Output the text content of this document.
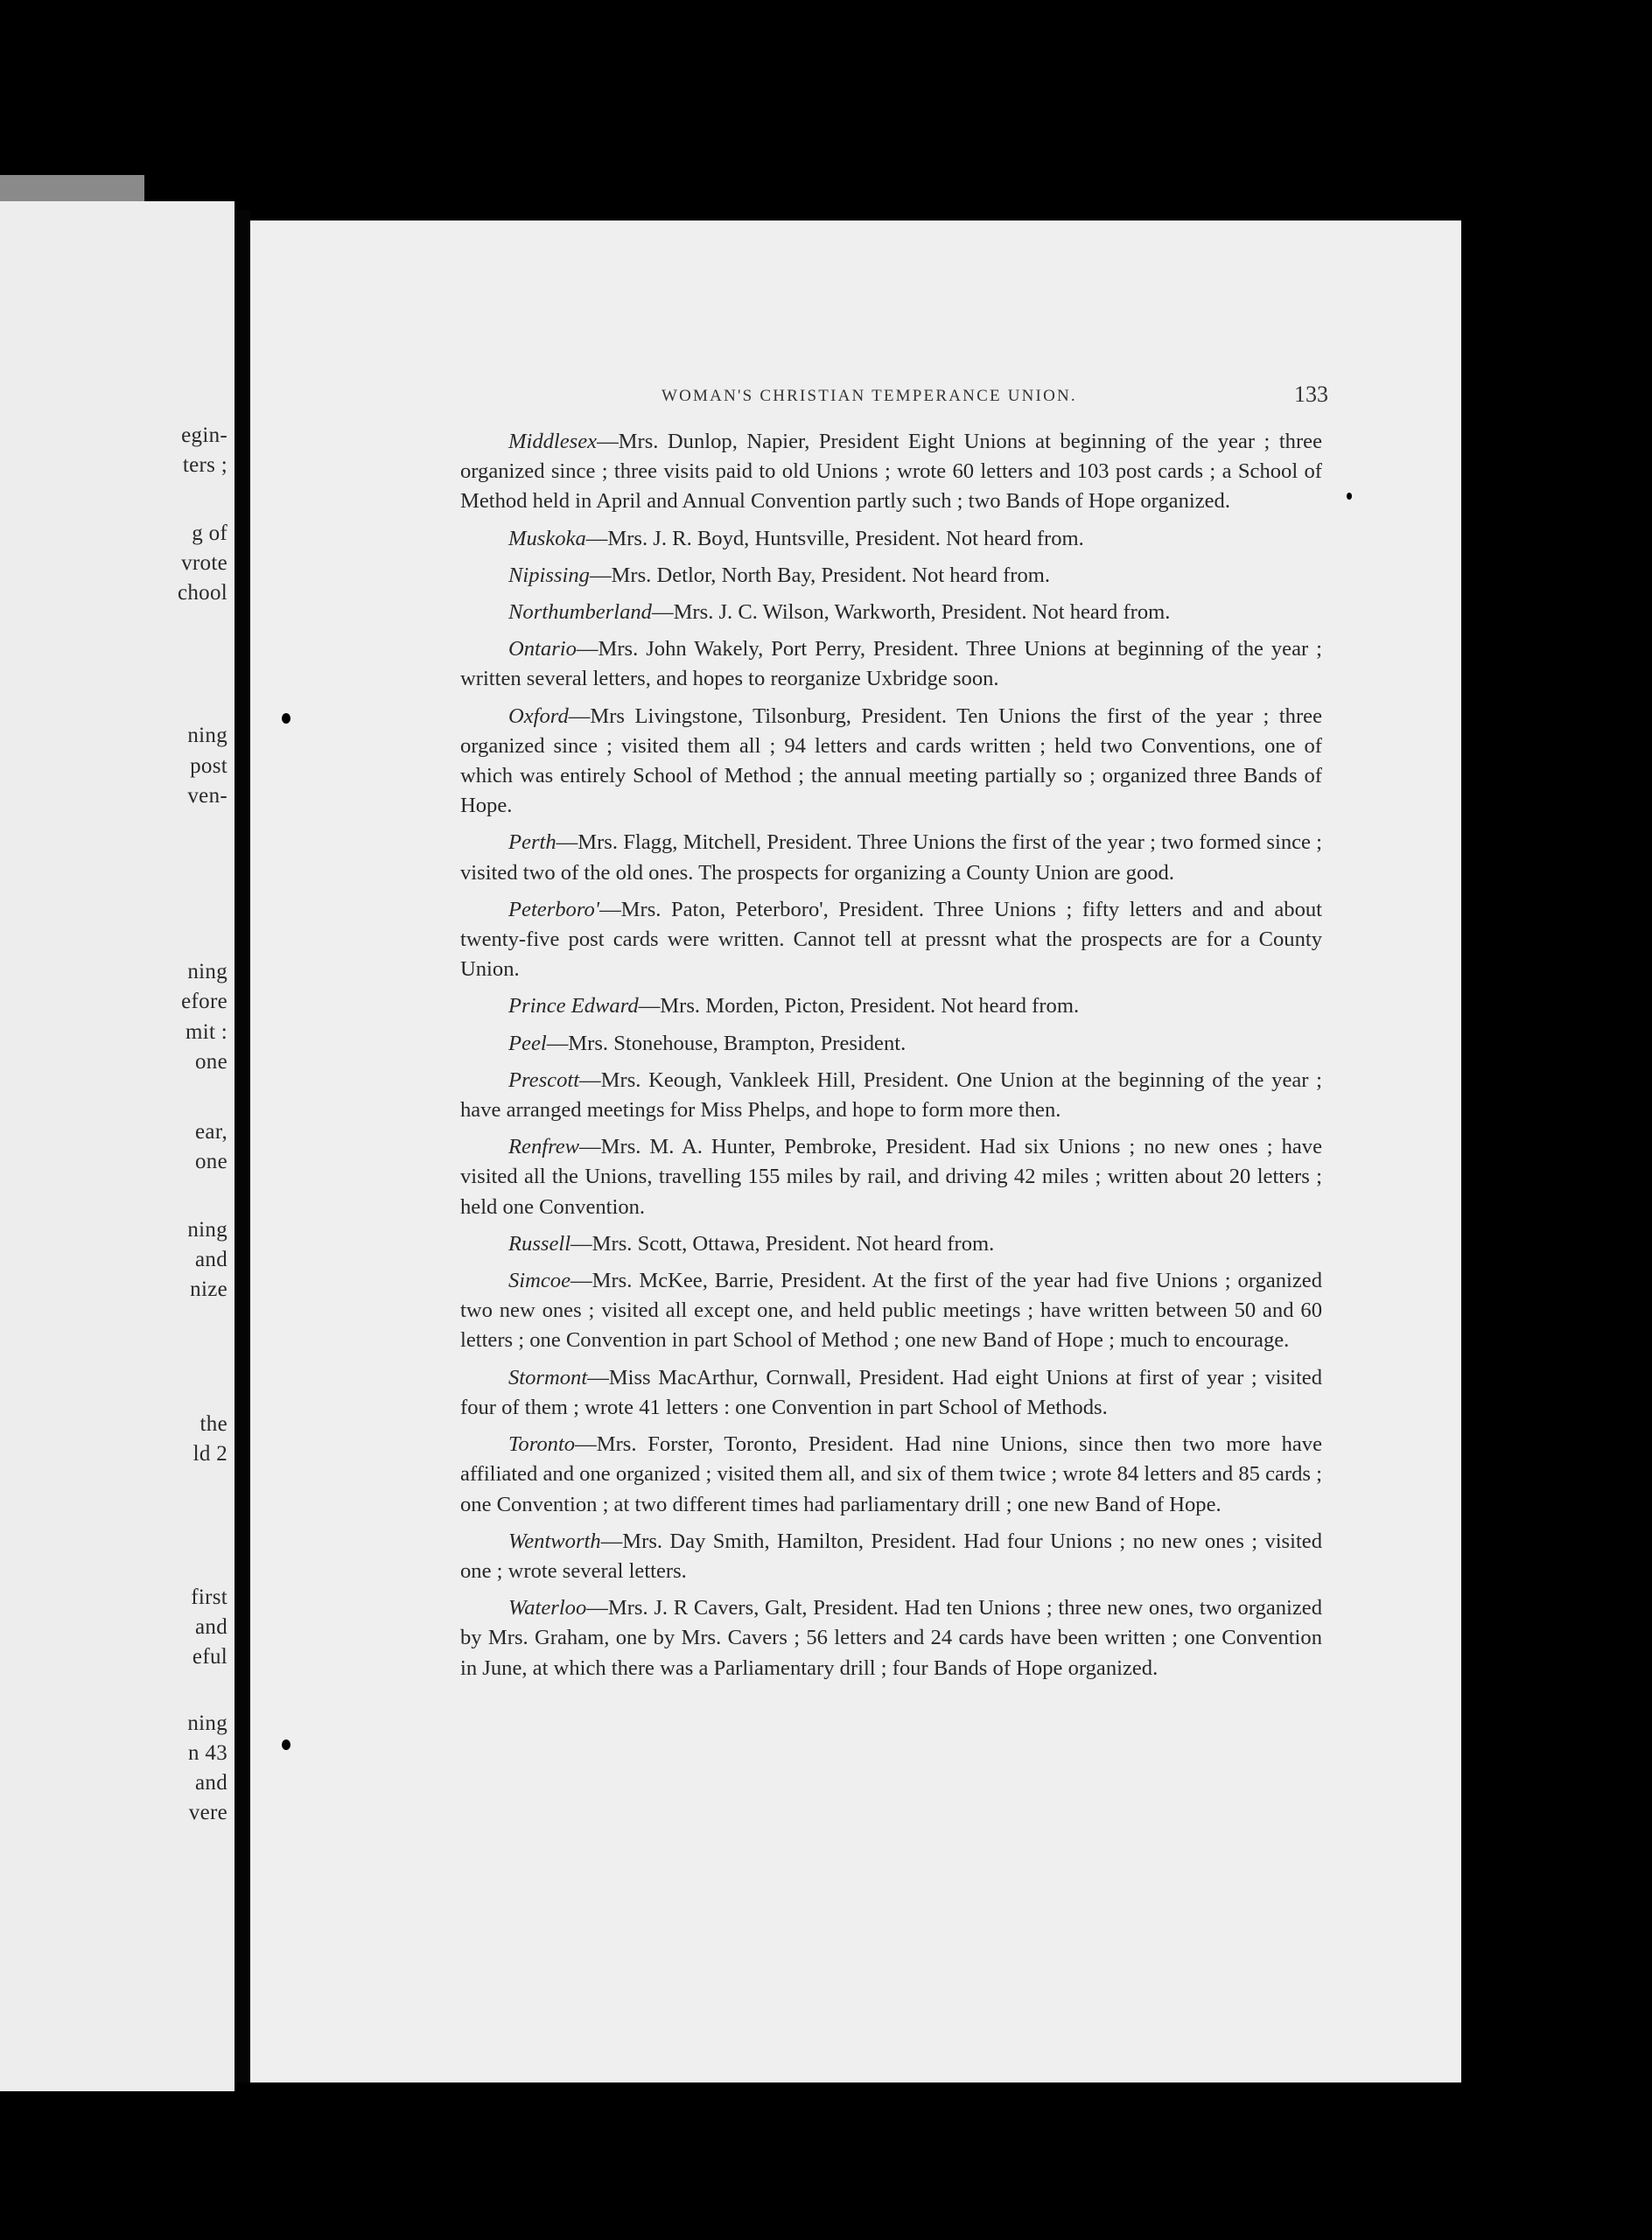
egin-
ters ;
g of
vrote
chool
ning
post
ven-
ning
efore
mit :
one
ear,
one
ning
and
nize
the
ld 2
first
and
eful
ning
n 43
and
vere
WOMAN'S CHRISTIAN TEMPERANCE UNION.	133

Middlesex—Mrs. Dunlop, Napier, President Eight Unions at beginning of the year ; three organized since ; three visits paid to old Unions ; wrote 60 letters and 103 post cards ; a School of Method held in April and Annual Convention partly such ; two Bands of Hope organized.

Muskoka—Mrs. J. R. Boyd, Huntsville, President. Not heard from.

Nipissing—Mrs. Detlor, North Bay, President. Not heard from.

Northumberland—Mrs. J. C. Wilson, Warkworth, President. Not heard from.

Ontario—Mrs. John Wakely, Port Perry, President. Three Unions at beginning of the year ; written several letters, and hopes to reorganize Uxbridge soon.

Oxford—Mrs Livingstone, Tilsonburg, President. Ten Unions the first of the year ; three organized since ; visited them all ; 94 letters and cards written ; held two Conventions, one of which was entirely School of Method ; the annual meeting partially so ; organized three Bands of Hope.

Perth—Mrs. Flagg, Mitchell, President. Three Unions the first of the year ; two formed since ; visited two of the old ones. The prospects for organizing a County Union are good.

Peterboro'—Mrs. Paton, Peterboro', President. Three Unions ; fifty letters and and about twenty-five post cards were written. Cannot tell at pressnt what the prospects are for a County Union.

Prince Edward—Mrs. Morden, Picton, President. Not heard from.

Peel—Mrs. Stonehouse, Brampton, President.

Prescott—Mrs. Keough, Vankleek Hill, President. One Union at the beginning of the year ; have arranged meetings for Miss Phelps, and hope to form more then.

Renfrew—Mrs. M. A. Hunter, Pembroke, President. Had six Unions ; no new ones ; have visited all the Unions, travelling 155 miles by rail, and driving 42 miles ; written about 20 letters ; held one Convention.

Russell—Mrs. Scott, Ottawa, President. Not heard from.

Simcoe—Mrs. McKee, Barrie, President. At the first of the year had five Unions ; organized two new ones ; visited all except one, and held public meetings ; have written between 50 and 60 letters ; one Convention in part School of Method ; one new Band of Hope ; much to encourage.

Stormont—Miss MacArthur, Cornwall, President. Had eight Unions at first of year ; visited four of them ; wrote 41 letters : one Convention in part School of Methods.

Toronto—Mrs. Forster, Toronto, President. Had nine Unions, since then two more have affiliated and one organized ; visited them all, and six of them twice ; wrote 84 letters and 85 cards ; one Convention ; at two different times had parliamentary drill ; one new Band of Hope.

Wentworth—Mrs. Day Smith, Hamilton, President. Had four Unions ; no new ones ; visited one ; wrote several letters.

Waterloo—Mrs. J. R Cavers, Galt, President. Had ten Unions ; three new ones, two organized by Mrs. Graham, one by Mrs. Cavers ; 56 letters and 24 cards have been written ; one Convention in June, at which there was a Parliamentary drill ; four Bands of Hope organized.
